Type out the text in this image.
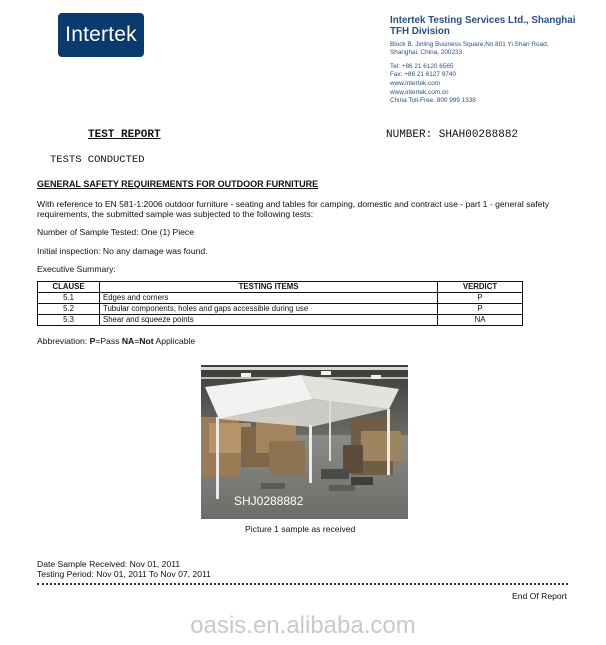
Intertek
Intertek Testing Services Ltd., Shanghai
TFH Division
Block B, Jinling Business Square,No.801 Yi Shan Road,
Shanghai, China, 200233
Tel: +86 21 6120 6565
Fax: +86 21 6127 9740
www.intertek.com
www.intertek.com.cn
China Toll-Free: 800 999 1338
TEST REPORT	NUMBER: SHAH00288882
TESTS CONDUCTED
GENERAL SAFETY REQUIREMENTS FOR OUTDOOR FURNITURE
With reference to EN 581-1:2006 outdoor furniture - seating and tables for camping, domestic and contract use - part 1 - general safety requirements, the submitted sample was subjected to the following tests:
Number of Sample Tested: One (1) Piece
Initial inspection: No any damage was found.
Executive Summary:
CLAUSE	TESTING ITEMS	VERDICT
5.1	Edges and corners	P
5.2	Tubular components, holes and gaps accessible during use	P
5.3	Shear and squeeze points	NA
Abbreviation: P=Pass NA=Not Applicable
SHJ0288882
Picture 1 sample as received
Date Sample Received: Nov 01, 2011
Testing Period: Nov 01, 2011 To Nov 07, 2011
End Of Report
oasis.en.alibaba.com
